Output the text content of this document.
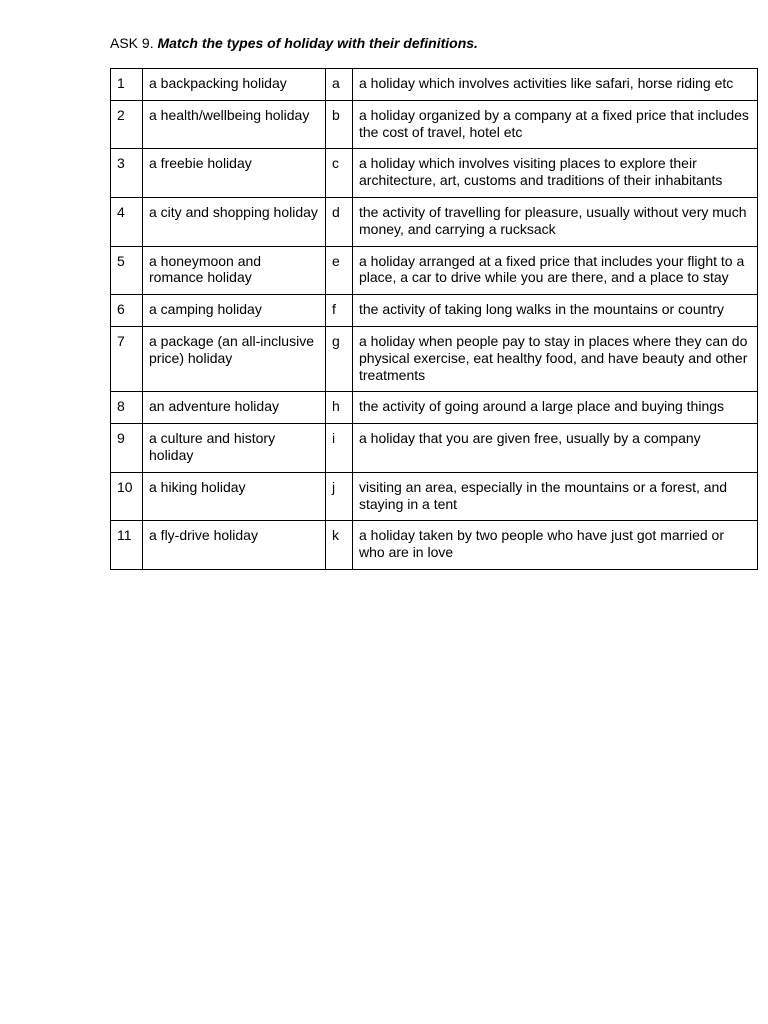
ASK 9. Match the types of holiday with their definitions.
1	a backpacking holiday	a	a holiday which involves activities like safari, horse riding etc
2	a health/wellbeing holiday	b	a holiday organized by a company at a fixed price that includes the cost of travel, hotel etc
3	a freebie holiday	c	a holiday which involves visiting places to explore their architecture, art, customs and traditions of their inhabitants
4	a city and shopping holiday	d	the activity of travelling for pleasure, usually without very much money, and carrying a rucksack
5	a honeymoon and romance holiday	e	a holiday arranged at a fixed price that includes your flight to a place, a car to drive while you are there, and a place to stay
6	a camping holiday	f	the activity of taking long walks in the mountains or country
7	a package (an all-inclusive price) holiday	g	a holiday when people pay to stay in places where they can do physical exercise, eat healthy food, and have beauty and other treatments
8	an adventure holiday	h	the activity of going around a large place and buying things
9	a culture and history holiday	i	a holiday that you are given free, usually by a company
10	a hiking holiday	j	visiting an area, especially in the mountains or a forest, and staying in a tent
11	a fly-drive holiday	k	a holiday taken by two people who have just got married or who are in love
